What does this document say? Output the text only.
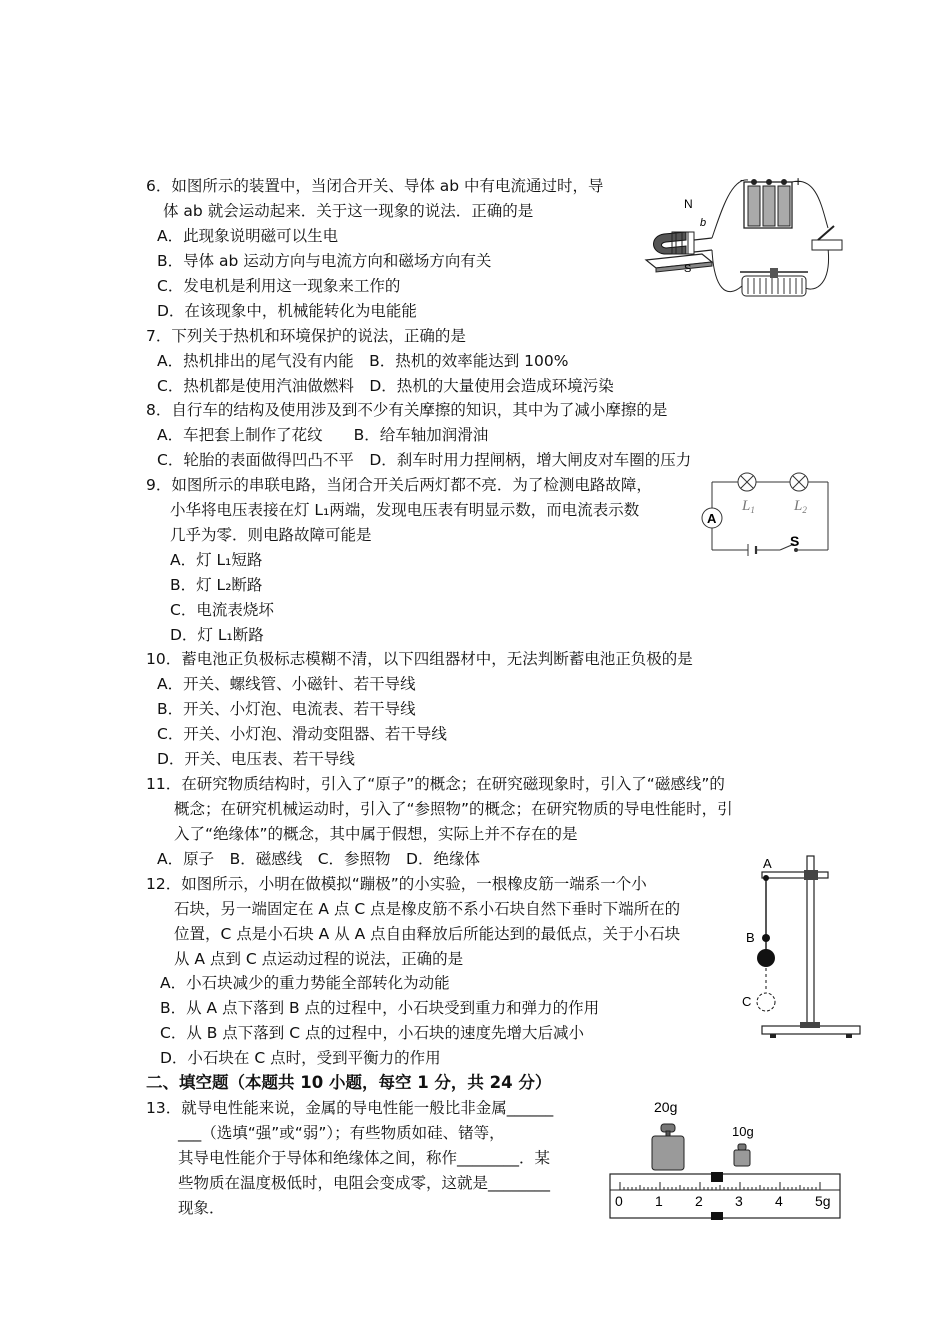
6．如图所示的装置中，当闭合开关、导体 ab 中有电流通过时，导
体 ab 就会运动起来．关于这一现象的说法．正确的是
A．此现象说明磁可以生电
B．导体 ab 运动方向与电流方向和磁场方向有关
C．发电机是利用这一现象来工作的
D．在该现象中，机械能转化为电能能
7．下列关于热机和环境保护的说法，正确的是
A．热机排出的尾气没有内能　B．热机的效率能达到 100%
C．热机都是使用汽油做燃料　D．热机的大量使用会造成环境污染
8．自行车的结构及使用涉及到不少有关摩擦的知识，其中为了减小摩擦的是
A．车把套上制作了花纹　　B．给车轴加润滑油
C．轮胎的表面做得凹凸不平　D．刹车时用力捏闸柄，增大闸皮对车圈的压力
9．如图所示的串联电路，当闭合开关后两灯都不亮．为了检测电路故障，
小华将电压表接在灯 L₁两端，发现电压表有明显示数，而电流表示数
几乎为零．则电路故障可能是
A．灯 L₁短路
B．灯 L₂断路
C．电流表烧坏
D．灯 L₁断路
10．蓄电池正负极标志模糊不清，以下四组器材中，无法判断蓄电池正负极的是
A．开关、螺线管、小磁针、若干导线
B．开关、小灯泡、电流表、若干导线
C．开关、小灯泡、滑动变阻器、若干导线
D．开关、电压表、若干导线
11．在研究物质结构时，引入了“原子”的概念；在研究磁现象时，引入了“磁感线”的
概念；在研究机械运动时，引入了“参照物”的概念；在研究物质的导电性能时，引
入了“绝缘体”的概念，其中属于假想，实际上并不存在的是
A．原子　B．磁感线　C．参照物　D．绝缘体
12．如图所示，小明在做模拟“蹦极”的小实验，一根橡皮筋一端系一个小
石块，另一端固定在 A 点 C 点是橡皮筋不系小石块自然下垂时下端所在的
位置，C 点是小石块 A 从 A 点自由释放后所能达到的最低点，关于小石块
从 A 点到 C 点运动过程的说法，正确的是
A．小石块减少的重力势能全部转化为动能
B．从 A 点下落到 B 点的过程中，小石块受到重力和弹力的作用
C．从 B 点下落到 C 点的过程中，小石块的速度先增大后减小
D．小石块在 C 点时，受到平衡力的作用
13．就导电性能来说，金属的导电性能一般比非金属______
___（选填“强”或“弱”）；有些物质如硅、锗等，
其导电性能介于导体和绝缘体之间，称作________．某
些物质在温度极低时，电阻会变成零，这就是________
现象．
二、填空题（本题共 10 小题，每空 1 分，共 24 分）
N
b
S
-	+
A
$L_1$	$L_2$
S
A
B
C
20g
10g
0 1 2 3 4 5g
